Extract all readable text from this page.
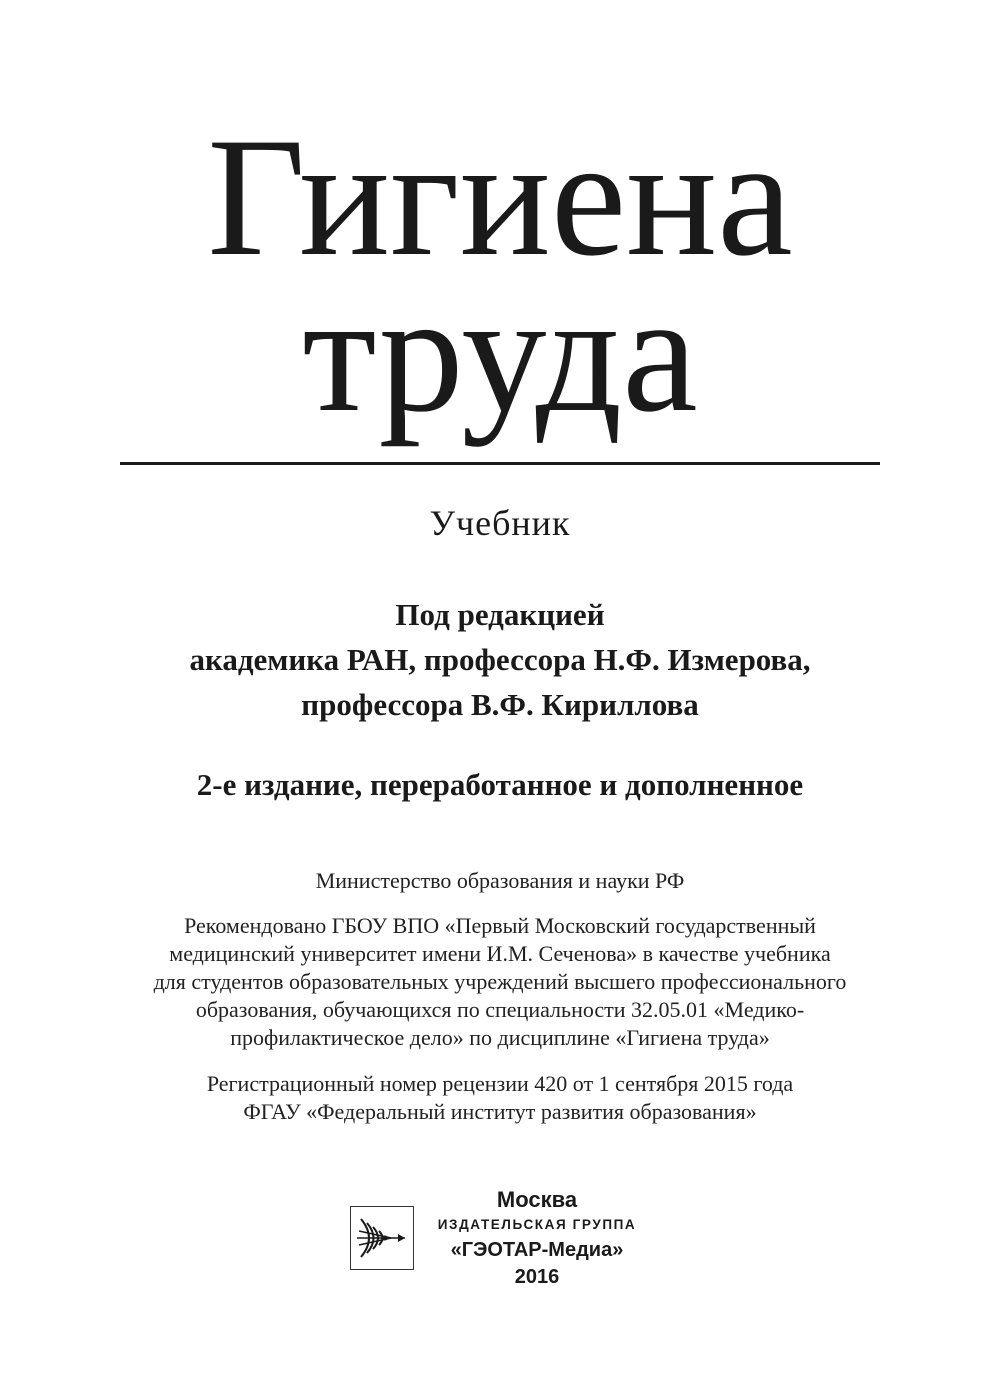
Гигиена
труда
Учебник
Под редакцией
академика РАН, профессора Н.Ф. Измерова,
профессора В.Ф. Кириллова
2-е издание, переработанное и дополненное
Министерство образования и науки РФ
Рекомендовано ГБОУ ВПО «Первый Московский государственный
медицинский университет имени И.М. Сеченова» в качестве учебника
для студентов образовательных учреждений высшего профессионального
образования, обучающихся по специальности 32.05.01 «Медико-
профилактическое дело» по дисциплине «Гигиена труда»
Регистрационный номер рецензии 420 от 1 сентября 2015 года
ФГАУ «Федеральный институт развития образования»
Москва
ИЗДАТЕЛЬСКАЯ ГРУППА
«ГЭОТАР-Медиа»
2016
